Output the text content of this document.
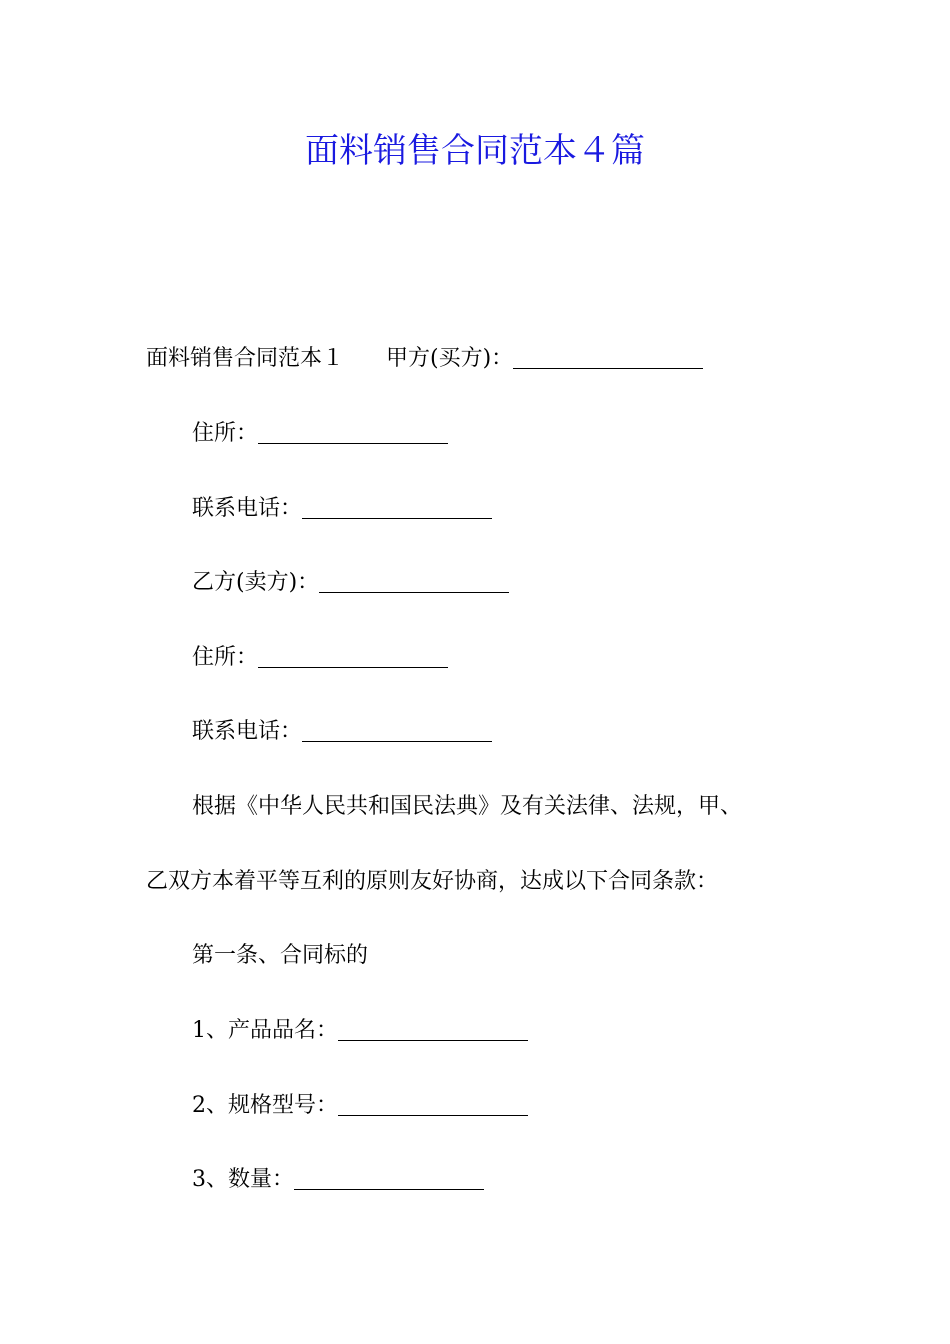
面料销售合同范本４篇
面料销售合同范本１ 甲方(买方)：
住所：
联系电话：
乙方(卖方)：
住所：
联系电话：
根据《中华人民共和国民法典》及有关法律、法规，甲、
乙双方本着平等互利的原则友好协商，达成以下合同条款：
第一条、合同标的
1、产品品名：
2、规格型号：
3、数量：
